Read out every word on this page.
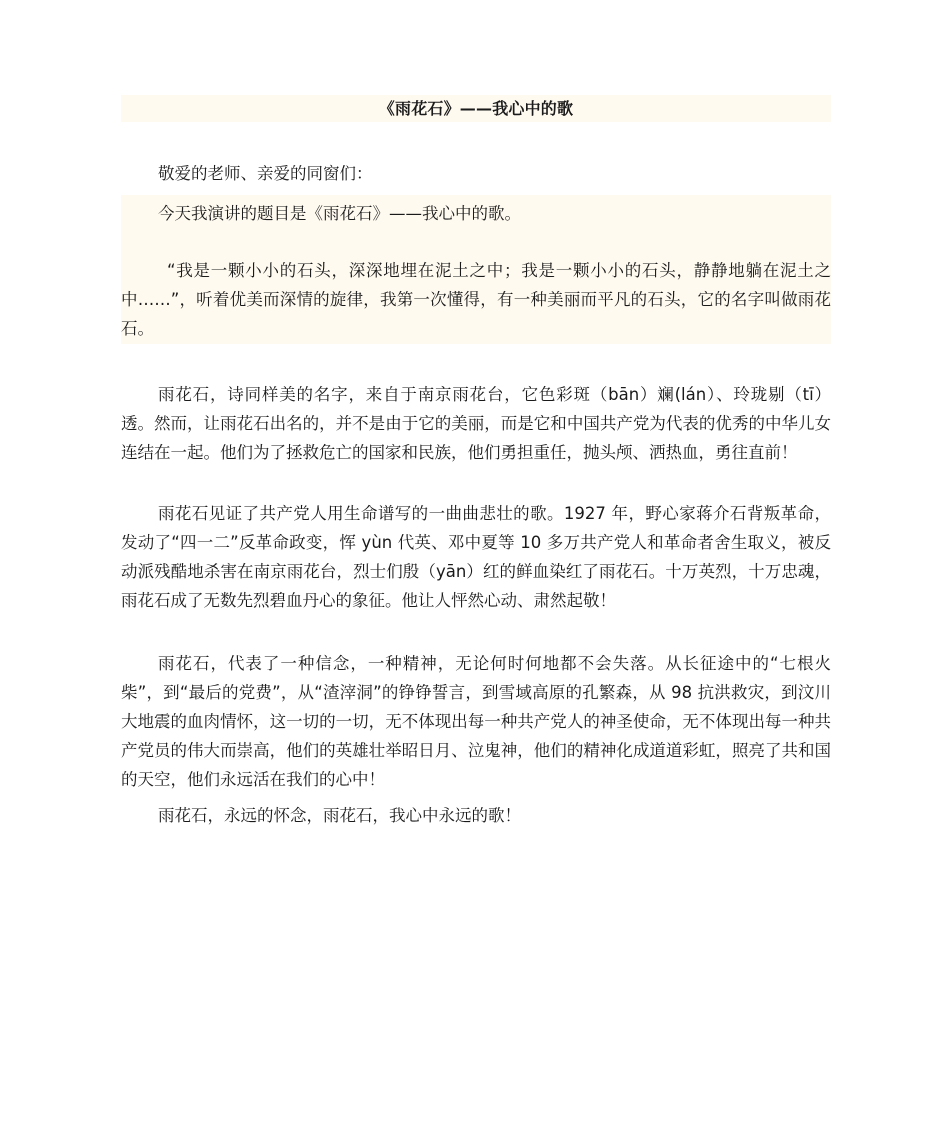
《雨花石》——我心中的歌

敬爱的老师、亲爱的同窗们：

今天我演讲的题目是《雨花石》——我心中的歌。

“我是一颗小小的石头，深深地埋在泥土之中；我是一颗小小的石头，静静地躺在泥土之中……”，听着优美而深情的旋律，我第一次懂得，有一种美丽而平凡的石头，它的名字叫做雨花石。

雨花石，诗同样美的名字，来自于南京雨花台，它色彩斑（bān）斓(lán）、玲珑剔（tī）透。然而，让雨花石出名的，并不是由于它的美丽，而是它和中国共产党为代表的优秀的中华儿女连结在一起。他们为了拯救危亡的国家和民族，他们勇担重任，抛头颅、洒热血，勇往直前！

雨花石见证了共产党人用生命谱写的一曲曲悲壮的歌。1927 年，野心家蒋介石背叛革命，发动了“四一二”反革命政变，恽 yùn 代英、邓中夏等 10 多万共产党人和革命者舍生取义，被反动派残酷地杀害在南京雨花台，烈士们殷（yān）红的鲜血染红了雨花石。十万英烈，十万忠魂，雨花石成了无数先烈碧血丹心的象征。他让人怦然心动、肃然起敬！

雨花石，代表了一种信念，一种精神，无论何时何地都不会失落。从长征途中的“七根火柴”，到“最后的党费”，从“渣滓洞”的铮铮誓言，到雪域高原的孔繁森，从 98 抗洪救灾，到汶川大地震的血肉情怀，这一切的一切，无不体现出每一种共产党人的神圣使命，无不体现出每一种共产党员的伟大而崇高，他们的英雄壮举昭日月、泣鬼神，他们的精神化成道道彩虹，照亮了共和国的天空，他们永远活在我们的心中！

雨花石，永远的怀念，雨花石，我心中永远的歌！
